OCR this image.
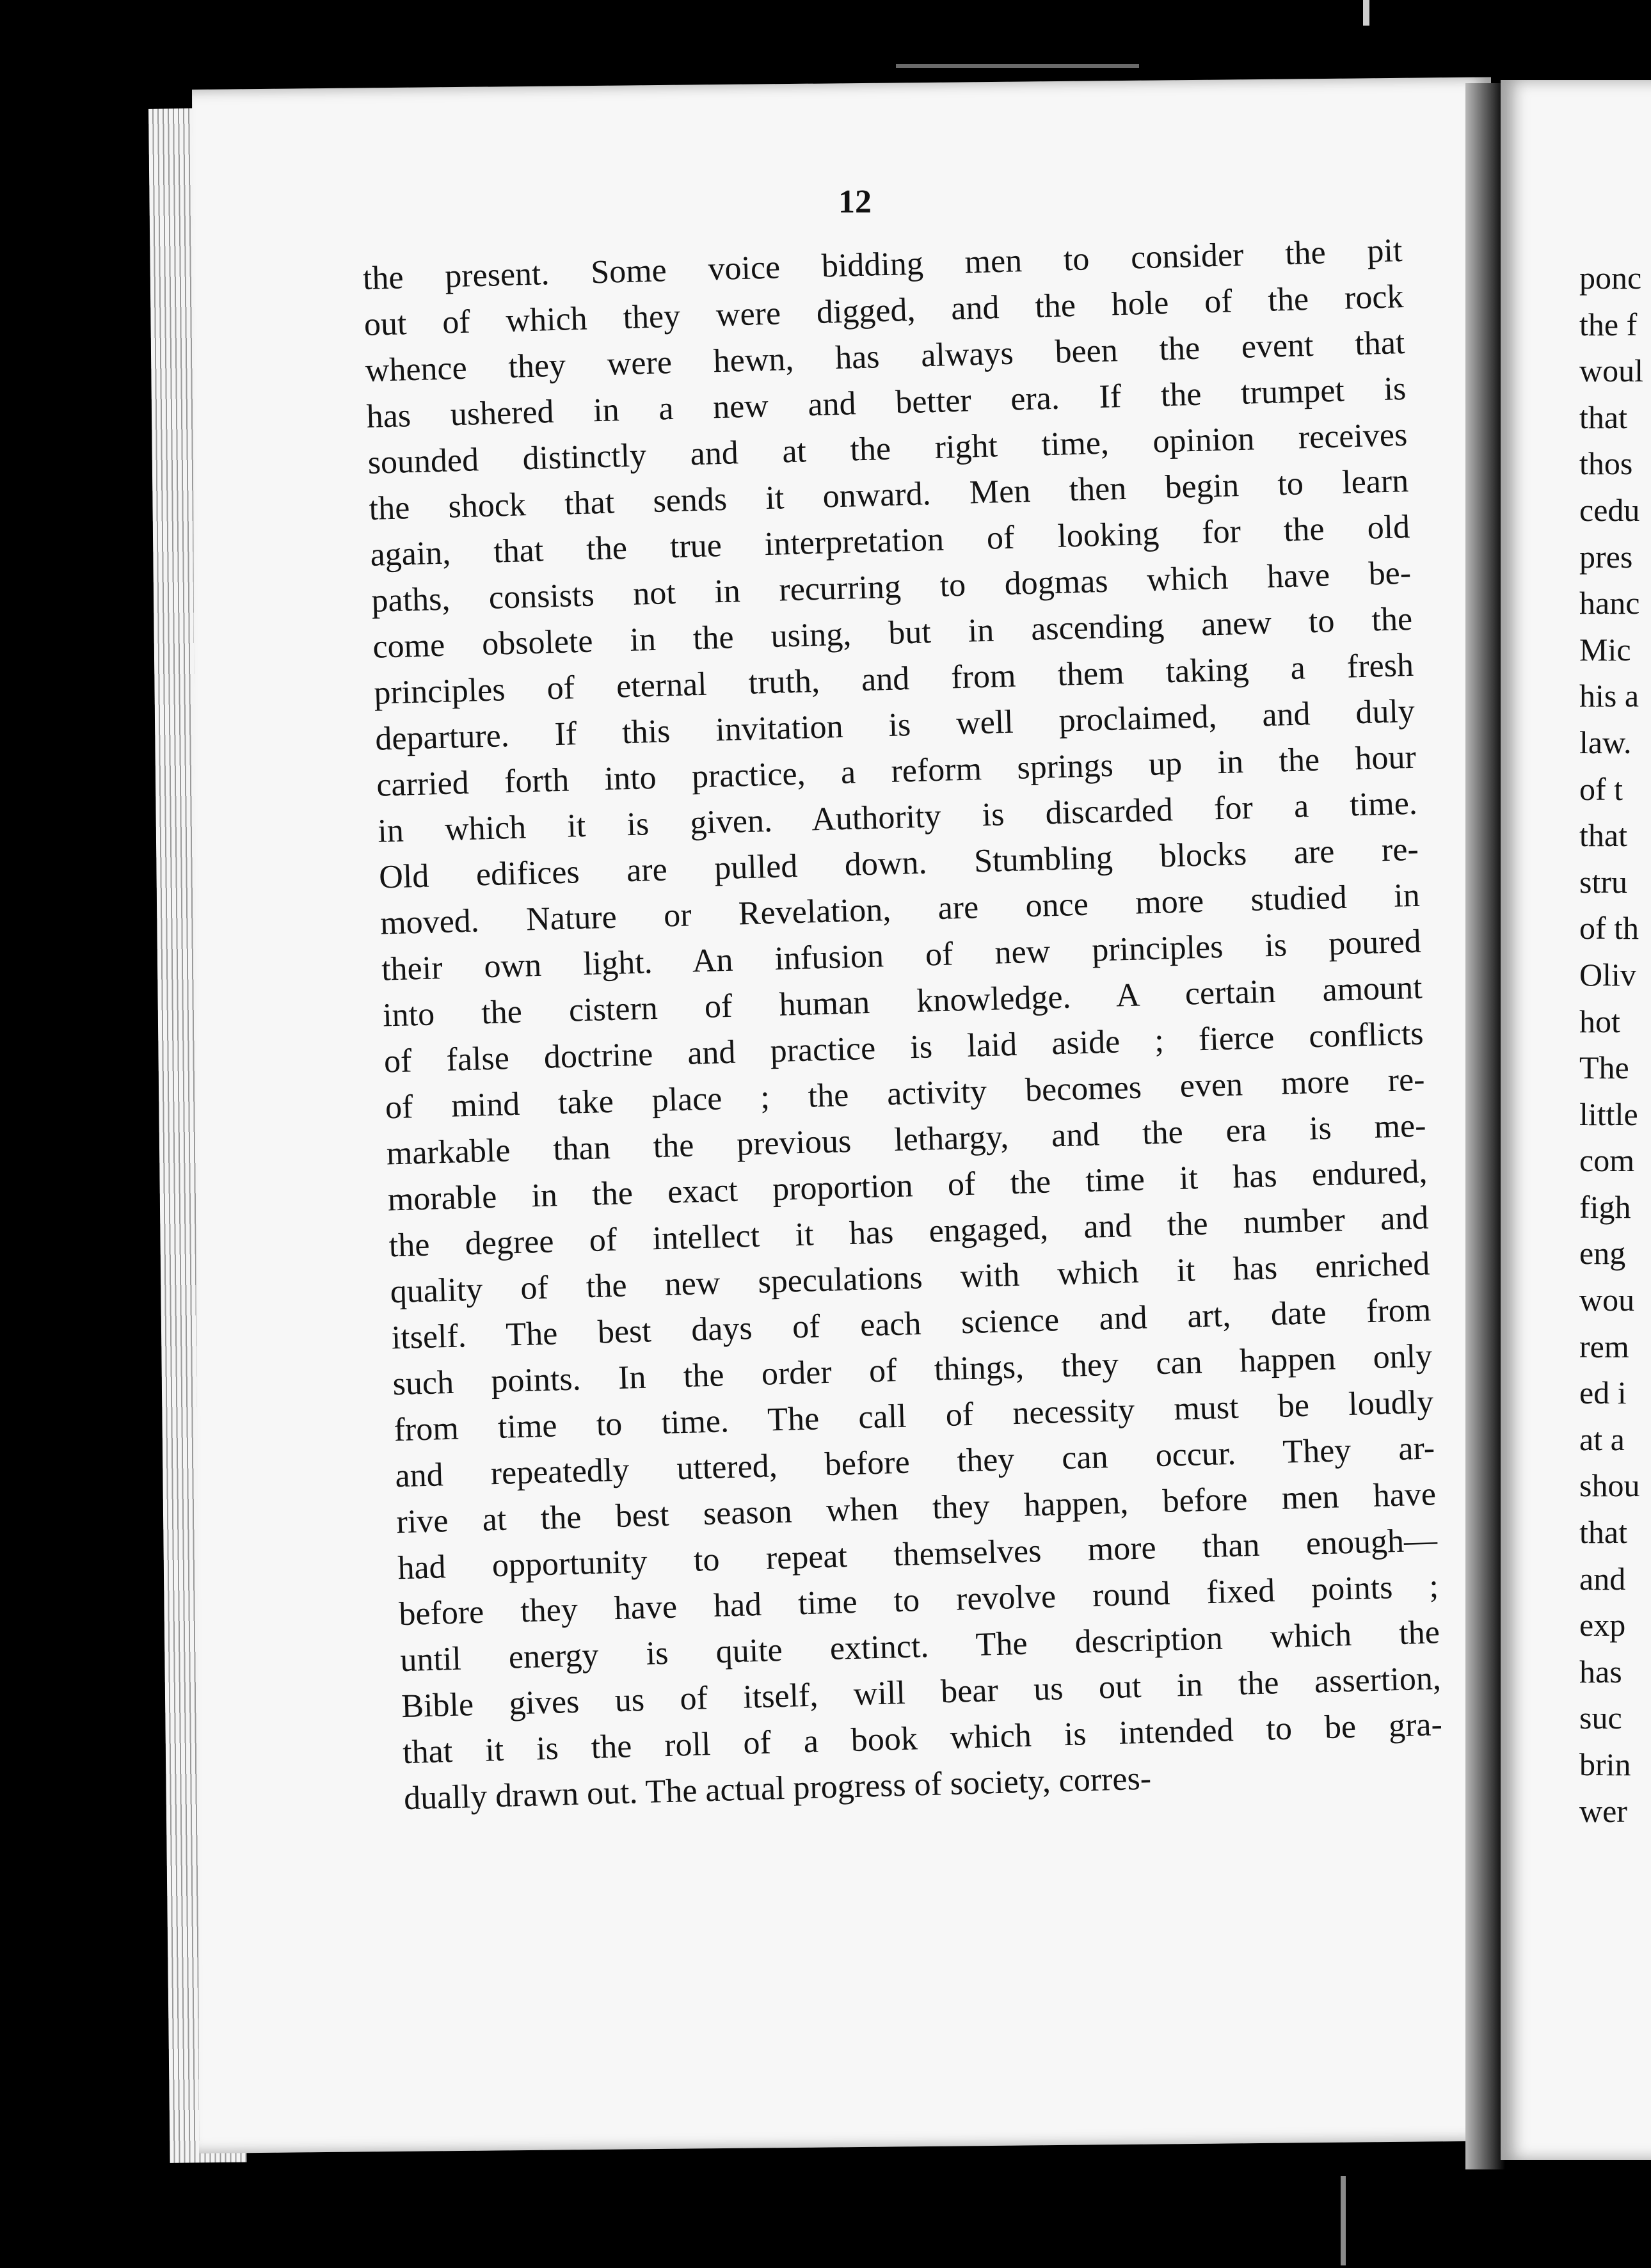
12
the present. Some voice bidding men to consider the pit
out of which they were digged, and the hole of the rock
whence they were hewn, has always been the event that
has ushered in a new and better era. If the trumpet is
sounded distinctly and at the right time, opinion receives
the shock that sends it onward. Men then begin to learn
again, that the true interpretation of looking for the old
paths, consists not in recurring to dogmas which have be-
come obsolete in the using, but in ascending anew to the
principles of eternal truth, and from them taking a fresh
departure. If this invitation is well proclaimed, and duly
carried forth into practice, a reform springs up in the hour
in which it is given. Authority is discarded for a time.
Old edifices are pulled down. Stumbling blocks are re-
moved. Nature or Revelation, are once more studied in
their own light. An infusion of new principles is poured
into the cistern of human knowledge. A certain amount
of false doctrine and practice is laid aside ; fierce conflicts
of mind take place ; the activity becomes even more re-
markable than the previous lethargy, and the era is me-
morable in the exact proportion of the time it has endured,
the degree of intellect it has engaged, and the number and
quality of the new speculations with which it has enriched
itself. The best days of each science and art, date from
such points. In the order of things, they can happen only
from time to time. The call of necessity must be loudly
and repeatedly uttered, before they can occur. They ar-
rive at the best season when they happen, before men have
had opportunity to repeat themselves more than enough—
before they have had time to revolve round fixed points ;
until energy is quite extinct. The description which the
Bible gives us of itself, will bear us out in the assertion,
that it is the roll of a book which is intended to be gra-
dually drawn out. The actual progress of society, corres-
ponc
the f
woul
that
thos
cedu
pres
hanc
Mic
his a
law.
of t
that
stru
of th
Oliv
hot
The
little
com
figh
eng
wou
rem
ed i
at a
shou
that
and
exp
has
suc
brin
wer
